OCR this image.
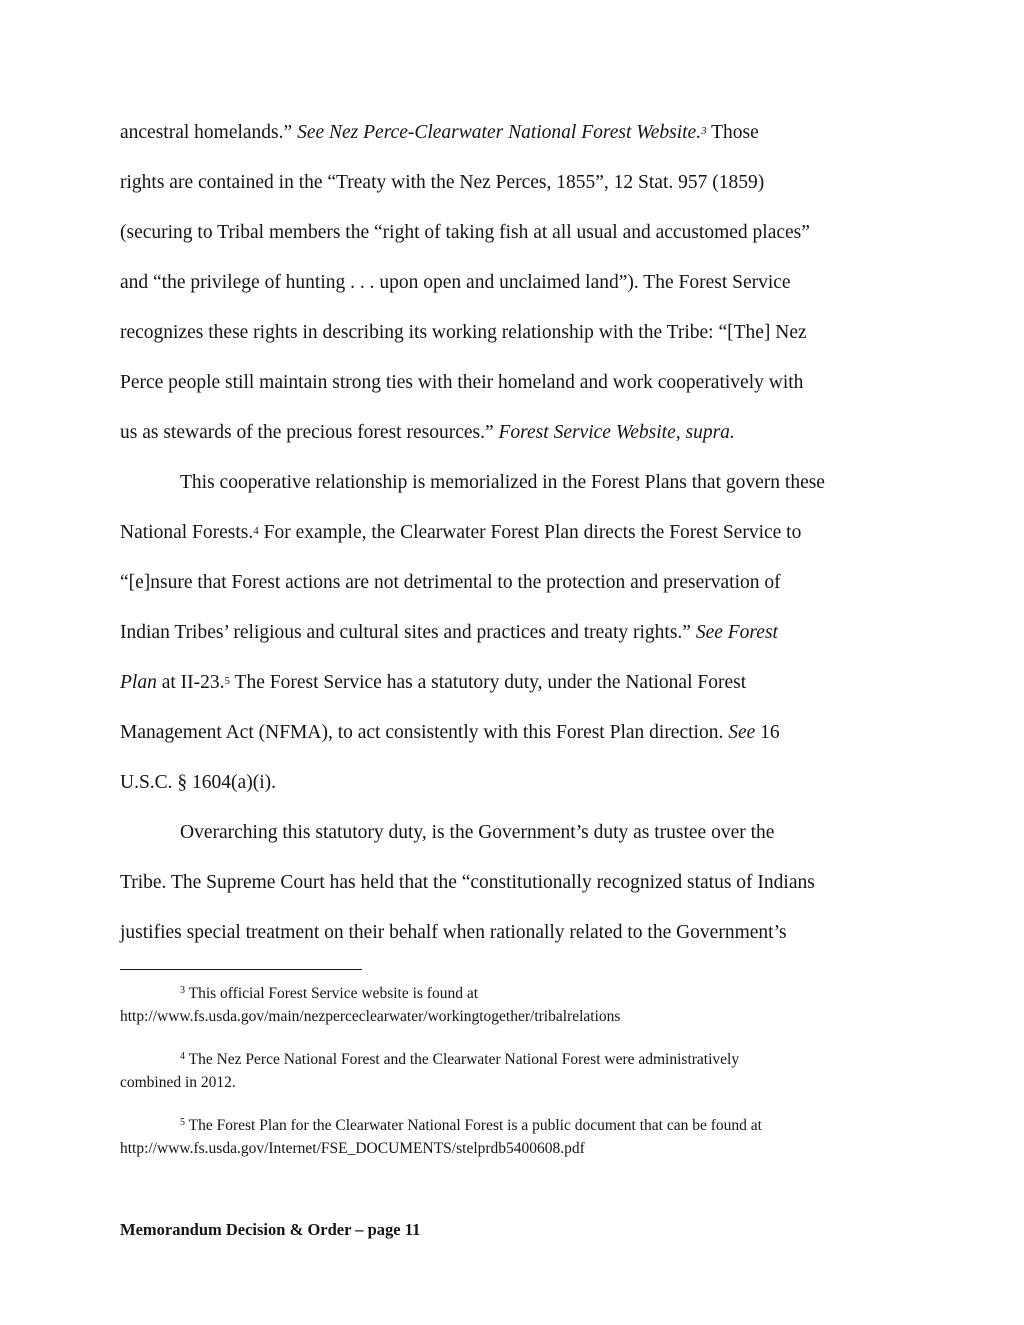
ancestral homelands.” See Nez Perce-Clearwater National Forest Website.$^3$ Those
rights are contained in the “Treaty with the Nez Perces, 1855”, 12 Stat. 957 (1859)
(securing to Tribal members the “right of taking fish at all usual and accustomed places”
and “the privilege of hunting . . . upon open and unclaimed land”). The Forest Service
recognizes these rights in describing its working relationship with the Tribe: “[The] Nez
Perce people still maintain strong ties with their homeland and work cooperatively with
us as stewards of the precious forest resources.” Forest Service Website, supra.
This cooperative relationship is memorialized in the Forest Plans that govern these
National Forests.$^4$ For example, the Clearwater Forest Plan directs the Forest Service to
“[e]nsure that Forest actions are not detrimental to the protection and preservation of
Indian Tribes’ religious and cultural sites and practices and treaty rights.” See Forest
Plan at II-23.$^5$ The Forest Service has a statutory duty, under the National Forest
Management Act (NFMA), to act consistently with this Forest Plan direction. See 16
U.S.C. § 1604(a)(i).
Overarching this statutory duty, is the Government’s duty as trustee over the
Tribe. The Supreme Court has held that the “constitutionally recognized status of Indians
justifies special treatment on their behalf when rationally related to the Government’s
$^3$ This official Forest Service website is found at
http://www.fs.usda.gov/main/nezperceclearwater/workingtogether/tribalrelations
$^4$ The Nez Perce National Forest and the Clearwater National Forest were administratively
combined in 2012.
$^5$ The Forest Plan for the Clearwater National Forest is a public document that can be found at
http://www.fs.usda.gov/Internet/FSE_DOCUMENTS/stelprdb5400608.pdf
Memorandum Decision & Order – page 11
